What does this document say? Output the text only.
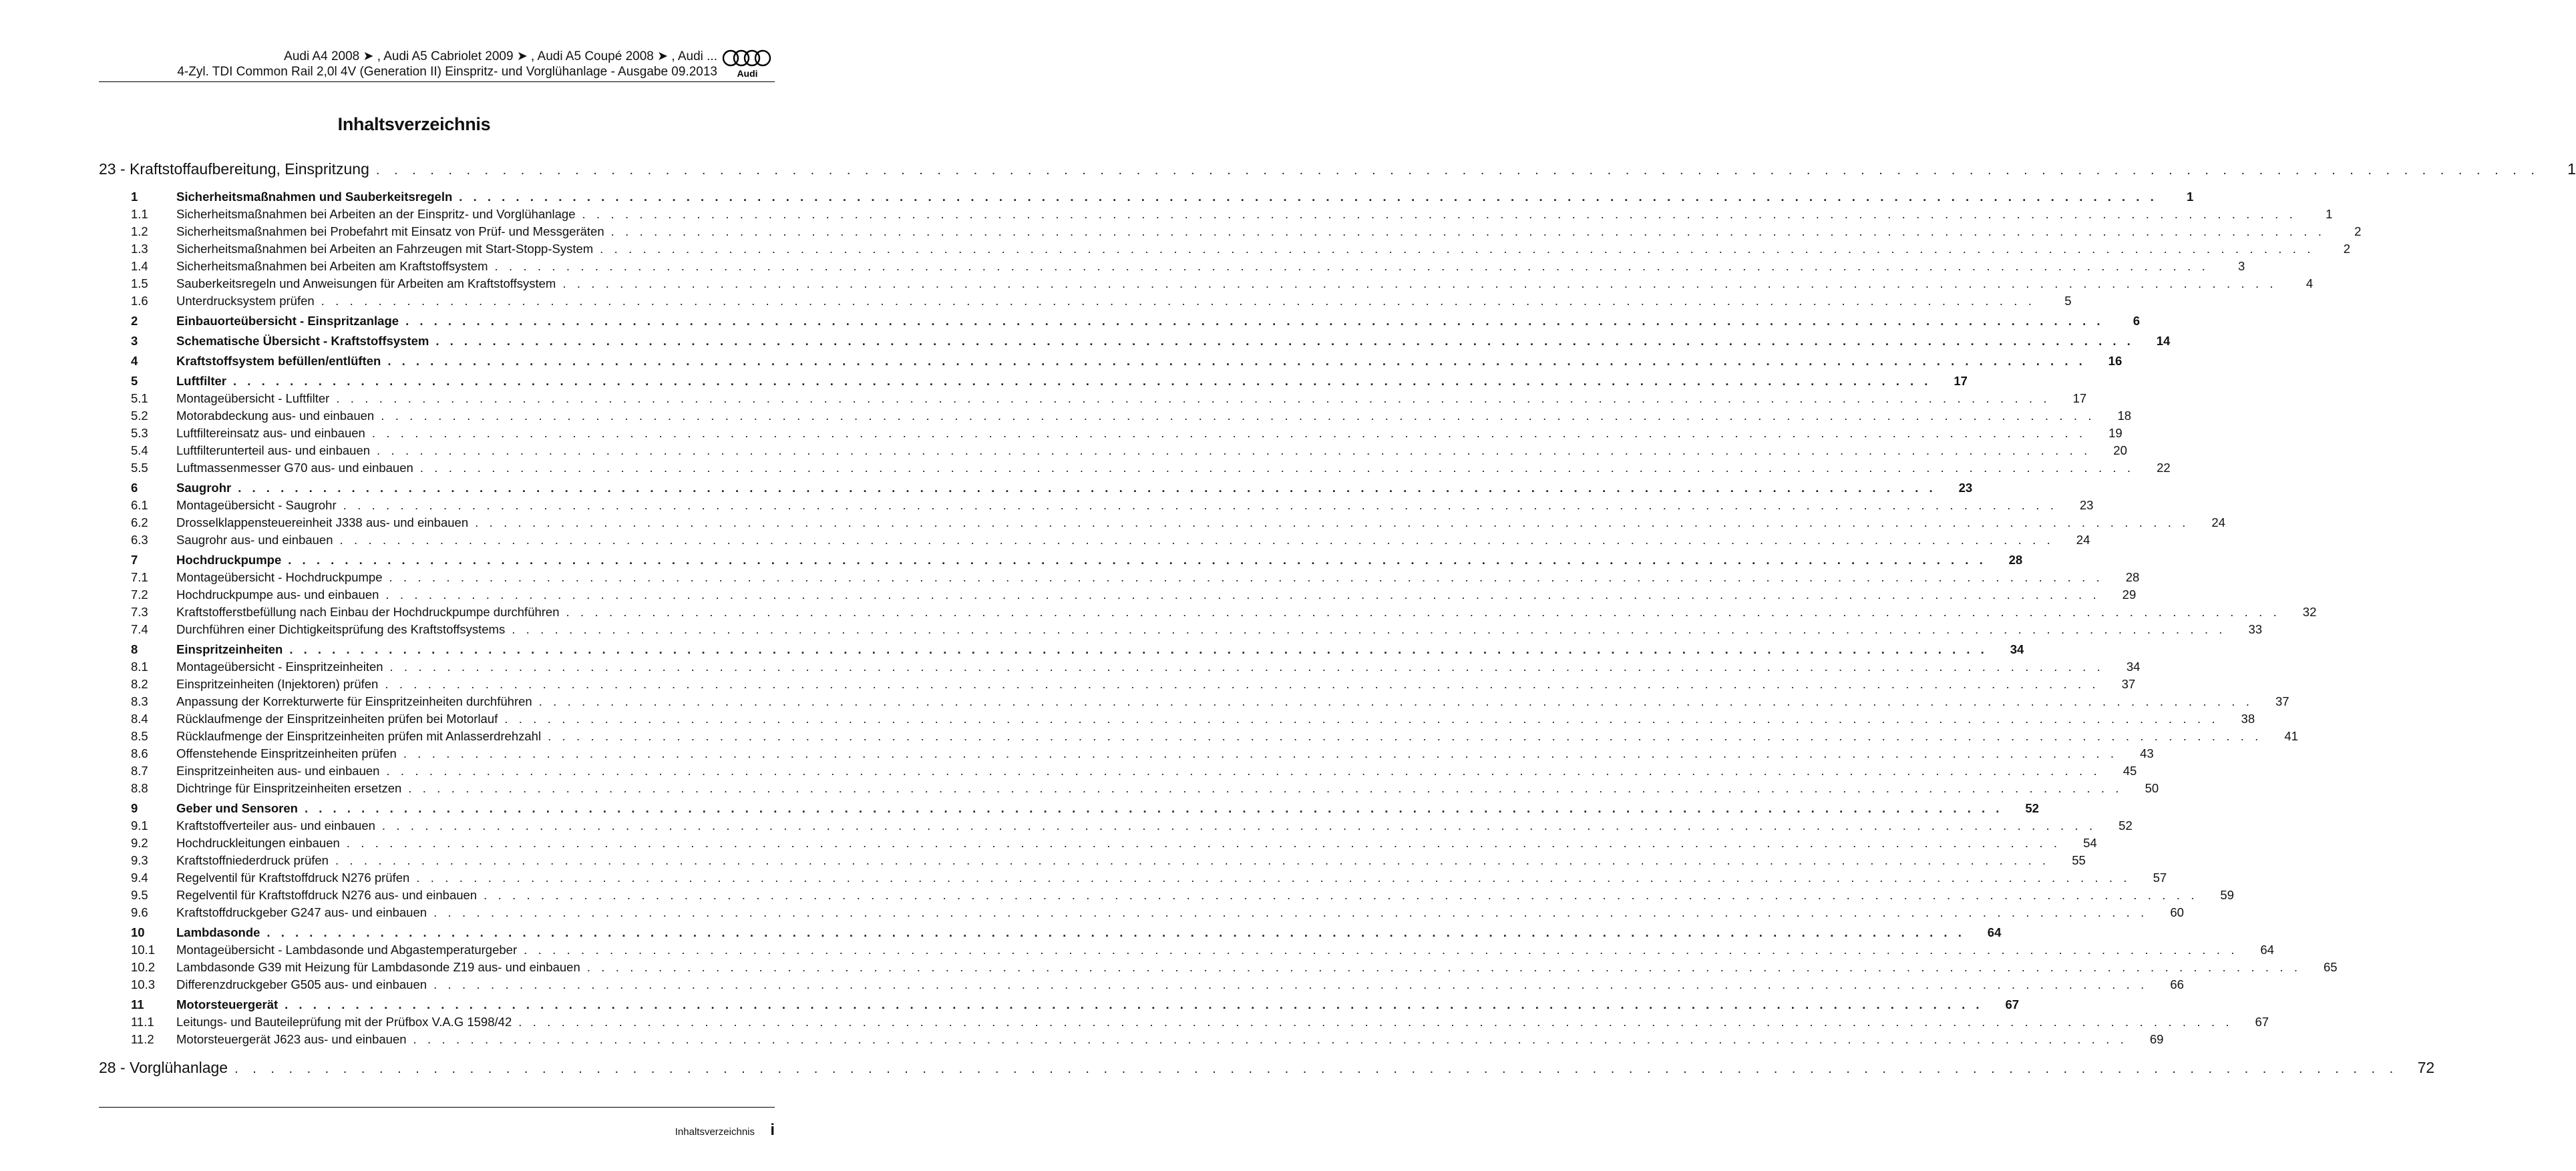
Audi A4 2008 ➤ , Audi A5 Cabriolet 2009 ➤ , Audi A5 Coupé 2008 ➤ , Audi ...
4-Zyl. TDI Common Rail 2,0l 4V (Generation II) Einspritz- und Vorglühanlage - Ausgabe 09.2013 Audi
Inhaltsverzeichnis
23 - Kraftstoffaufbereitung, Einspritzung . . . . . . . . . . . . . . . . . . . . . . . . . . . . . . . . . . . . . . . . . . . . . . . . . . . . . . . . . . . . . . . . . . . . . . . . . . . . . . . . . . . . . . . . . . . . . . . . . . . . . . . . . . . . . . . . . . . . . . . .	1
1	Sicherheitsmaßnahmen und Sauberkeitsregeln . . . . . . . . . . . . . . . . . . . . . . . . . . . . . . . . . . . . . . . . . . . . . . . . . . . . . . . . . . . . . . . . . . . . . . . . . . . . . . . . . . . . . . . . . . . . . . . . . . . . . . . . . . . . . . . . . . . . . . . .	1
1.1	Sicherheitsmaßnahmen bei Arbeiten an der Einspritz- und Vorglühanlage . . . . . . . . . . . . . . . . . . . . . . . . . . . . . . . . . . . . . . . . . . . . . . . . . . . . . . . . . . . . . . . . . . . . . . . . . . . . . . . . . . . . . . . . . . . . . . . . . . . . . . . . . . . . . . . . . . . . . . . .	1
1.2	Sicherheitsmaßnahmen bei Probefahrt mit Einsatz von Prüf- und Messgeräten . . . . . . . . . . . . . . . . . . . . . . . . . . . . . . . . . . . . . . . . . . . . . . . . . . . . . . . . . . . . . . . . . . . . . . . . . . . . . . . . . . . . . . . . . . . . . . . . . . . . . . . . . . . . . . . . . . . . . . . .	2
1.3	Sicherheitsmaßnahmen bei Arbeiten an Fahrzeugen mit Start-Stopp-System . . . . . . . . . . . . . . . . . . . . . . . . . . . . . . . . . . . . . . . . . . . . . . . . . . . . . . . . . . . . . . . . . . . . . . . . . . . . . . . . . . . . . . . . . . . . . . . . . . . . . . . . . . . . . . . . . . . . . . . .	2
1.4	Sicherheitsmaßnahmen bei Arbeiten am Kraftstoffsystem . . . . . . . . . . . . . . . . . . . . . . . . . . . . . . . . . . . . . . . . . . . . . . . . . . . . . . . . . . . . . . . . . . . . . . . . . . . . . . . . . . . . . . . . . . . . . . . . . . . . . . . . . . . . . . . . . . . . . . . .	3
1.5	Sauberkeitsregeln und Anweisungen für Arbeiten am Kraftstoffsystem . . . . . . . . . . . . . . . . . . . . . . . . . . . . . . . . . . . . . . . . . . . . . . . . . . . . . . . . . . . . . . . . . . . . . . . . . . . . . . . . . . . . . . . . . . . . . . . . . . . . . . . . . . . . . . . . . . . . . . . .	4
1.6	Unterdrucksystem prüfen . . . . . . . . . . . . . . . . . . . . . . . . . . . . . . . . . . . . . . . . . . . . . . . . . . . . . . . . . . . . . . . . . . . . . . . . . . . . . . . . . . . . . . . . . . . . . . . . . . . . . . . . . . . . . . . . . . . . . . . .	5
2	Einbauorteübersicht - Einspritzanlage . . . . . . . . . . . . . . . . . . . . . . . . . . . . . . . . . . . . . . . . . . . . . . . . . . . . . . . . . . . . . . . . . . . . . . . . . . . . . . . . . . . . . . . . . . . . . . . . . . . . . . . . . . . . . . . . . . . . . . . .	6
3	Schematische Übersicht - Kraftstoffsystem . . . . . . . . . . . . . . . . . . . . . . . . . . . . . . . . . . . . . . . . . . . . . . . . . . . . . . . . . . . . . . . . . . . . . . . . . . . . . . . . . . . . . . . . . . . . . . . . . . . . . . . . . . . . . . . . . . . . . . . .	14
4	Kraftstoffsystem befüllen/entlüften . . . . . . . . . . . . . . . . . . . . . . . . . . . . . . . . . . . . . . . . . . . . . . . . . . . . . . . . . . . . . . . . . . . . . . . . . . . . . . . . . . . . . . . . . . . . . . . . . . . . . . . . . . . . . . . . . . . . . . . .	16
5	Luftfilter . . . . . . . . . . . . . . . . . . . . . . . . . . . . . . . . . . . . . . . . . . . . . . . . . . . . . . . . . . . . . . . . . . . . . . . . . . . . . . . . . . . . . . . . . . . . . . . . . . . . . . . . . . . . . . . . . . . . . . . .	17
5.1	Montageübersicht - Luftfilter . . . . . . . . . . . . . . . . . . . . . . . . . . . . . . . . . . . . . . . . . . . . . . . . . . . . . . . . . . . . . . . . . . . . . . . . . . . . . . . . . . . . . . . . . . . . . . . . . . . . . . . . . . . . . . . . . . . . . . . .	17
5.2	Motorabdeckung aus- und einbauen . . . . . . . . . . . . . . . . . . . . . . . . . . . . . . . . . . . . . . . . . . . . . . . . . . . . . . . . . . . . . . . . . . . . . . . . . . . . . . . . . . . . . . . . . . . . . . . . . . . . . . . . . . . . . . . . . . . . . . . .	18
5.3	Luftfiltereinsatz aus- und einbauen . . . . . . . . . . . . . . . . . . . . . . . . . . . . . . . . . . . . . . . . . . . . . . . . . . . . . . . . . . . . . . . . . . . . . . . . . . . . . . . . . . . . . . . . . . . . . . . . . . . . . . . . . . . . . . . . . . . . . . . .	19
5.4	Luftfilterunterteil aus- und einbauen . . . . . . . . . . . . . . . . . . . . . . . . . . . . . . . . . . . . . . . . . . . . . . . . . . . . . . . . . . . . . . . . . . . . . . . . . . . . . . . . . . . . . . . . . . . . . . . . . . . . . . . . . . . . . . . . . . . . . . . .	20
5.5	Luftmassenmesser G70 aus- und einbauen . . . . . . . . . . . . . . . . . . . . . . . . . . . . . . . . . . . . . . . . . . . . . . . . . . . . . . . . . . . . . . . . . . . . . . . . . . . . . . . . . . . . . . . . . . . . . . . . . . . . . . . . . . . . . . . . . . . . . . . .	22
6	Saugrohr . . . . . . . . . . . . . . . . . . . . . . . . . . . . . . . . . . . . . . . . . . . . . . . . . . . . . . . . . . . . . . . . . . . . . . . . . . . . . . . . . . . . . . . . . . . . . . . . . . . . . . . . . . . . . . . . . . . . . . . .	23
6.1	Montageübersicht - Saugrohr . . . . . . . . . . . . . . . . . . . . . . . . . . . . . . . . . . . . . . . . . . . . . . . . . . . . . . . . . . . . . . . . . . . . . . . . . . . . . . . . . . . . . . . . . . . . . . . . . . . . . . . . . . . . . . . . . . . . . . . .	23
6.2	Drosselklappensteuereinheit J338 aus- und einbauen . . . . . . . . . . . . . . . . . . . . . . . . . . . . . . . . . . . . . . . . . . . . . . . . . . . . . . . . . . . . . . . . . . . . . . . . . . . . . . . . . . . . . . . . . . . . . . . . . . . . . . . . . . . . . . . . . . . . . . . .	24
6.3	Saugrohr aus- und einbauen . . . . . . . . . . . . . . . . . . . . . . . . . . . . . . . . . . . . . . . . . . . . . . . . . . . . . . . . . . . . . . . . . . . . . . . . . . . . . . . . . . . . . . . . . . . . . . . . . . . . . . . . . . . . . . . . . . . . . . . .	24
7	Hochdruckpumpe . . . . . . . . . . . . . . . . . . . . . . . . . . . . . . . . . . . . . . . . . . . . . . . . . . . . . . . . . . . . . . . . . . . . . . . . . . . . . . . . . . . . . . . . . . . . . . . . . . . . . . . . . . . . . . . . . . . . . . . .	28
7.1	Montageübersicht - Hochdruckpumpe . . . . . . . . . . . . . . . . . . . . . . . . . . . . . . . . . . . . . . . . . . . . . . . . . . . . . . . . . . . . . . . . . . . . . . . . . . . . . . . . . . . . . . . . . . . . . . . . . . . . . . . . . . . . . . . . . . . . . . . .	28
7.2	Hochdruckpumpe aus- und einbauen . . . . . . . . . . . . . . . . . . . . . . . . . . . . . . . . . . . . . . . . . . . . . . . . . . . . . . . . . . . . . . . . . . . . . . . . . . . . . . . . . . . . . . . . . . . . . . . . . . . . . . . . . . . . . . . . . . . . . . . .	29
7.3	Kraftstofferstbefüllung nach Einbau der Hochdruckpumpe durchführen . . . . . . . . . . . . . . . . . . . . . . . . . . . . . . . . . . . . . . . . . . . . . . . . . . . . . . . . . . . . . . . . . . . . . . . . . . . . . . . . . . . . . . . . . . . . . . . . . . . . . . . . . . . . . . . . . . . . . . . .	32
7.4	Durchführen einer Dichtigkeitsprüfung des Kraftstoffsystems . . . . . . . . . . . . . . . . . . . . . . . . . . . . . . . . . . . . . . . . . . . . . . . . . . . . . . . . . . . . . . . . . . . . . . . . . . . . . . . . . . . . . . . . . . . . . . . . . . . . . . . . . . . . . . . . . . . . . . . .	33
8	Einspritzeinheiten . . . . . . . . . . . . . . . . . . . . . . . . . . . . . . . . . . . . . . . . . . . . . . . . . . . . . . . . . . . . . . . . . . . . . . . . . . . . . . . . . . . . . . . . . . . . . . . . . . . . . . . . . . . . . . . . . . . . . . . .	34
8.1	Montageübersicht - Einspritzeinheiten . . . . . . . . . . . . . . . . . . . . . . . . . . . . . . . . . . . . . . . . . . . . . . . . . . . . . . . . . . . . . . . . . . . . . . . . . . . . . . . . . . . . . . . . . . . . . . . . . . . . . . . . . . . . . . . . . . . . . . . .	34
8.2	Einspritzeinheiten (Injektoren) prüfen . . . . . . . . . . . . . . . . . . . . . . . . . . . . . . . . . . . . . . . . . . . . . . . . . . . . . . . . . . . . . . . . . . . . . . . . . . . . . . . . . . . . . . . . . . . . . . . . . . . . . . . . . . . . . . . . . . . . . . . .	37
8.3	Anpassung der Korrekturwerte für Einspritzeinheiten durchführen . . . . . . . . . . . . . . . . . . . . . . . . . . . . . . . . . . . . . . . . . . . . . . . . . . . . . . . . . . . . . . . . . . . . . . . . . . . . . . . . . . . . . . . . . . . . . . . . . . . . . . . . . . . . . . . . . . . . . . . .	37
8.4	Rücklaufmenge der Einspritzeinheiten prüfen bei Motorlauf . . . . . . . . . . . . . . . . . . . . . . . . . . . . . . . . . . . . . . . . . . . . . . . . . . . . . . . . . . . . . . . . . . . . . . . . . . . . . . . . . . . . . . . . . . . . . . . . . . . . . . . . . . . . . . . . . . . . . . . .	38
8.5	Rücklaufmenge der Einspritzeinheiten prüfen mit Anlasserdrehzahl . . . . . . . . . . . . . . . . . . . . . . . . . . . . . . . . . . . . . . . . . . . . . . . . . . . . . . . . . . . . . . . . . . . . . . . . . . . . . . . . . . . . . . . . . . . . . . . . . . . . . . . . . . . . . . . . . . . . . . . .	41
8.6	Offenstehende Einspritzeinheiten prüfen . . . . . . . . . . . . . . . . . . . . . . . . . . . . . . . . . . . . . . . . . . . . . . . . . . . . . . . . . . . . . . . . . . . . . . . . . . . . . . . . . . . . . . . . . . . . . . . . . . . . . . . . . . . . . . . . . . . . . . . .	43
8.7	Einspritzeinheiten aus- und einbauen . . . . . . . . . . . . . . . . . . . . . . . . . . . . . . . . . . . . . . . . . . . . . . . . . . . . . . . . . . . . . . . . . . . . . . . . . . . . . . . . . . . . . . . . . . . . . . . . . . . . . . . . . . . . . . . . . . . . . . . .	45
8.8	Dichtringe für Einspritzeinheiten ersetzen . . . . . . . . . . . . . . . . . . . . . . . . . . . . . . . . . . . . . . . . . . . . . . . . . . . . . . . . . . . . . . . . . . . . . . . . . . . . . . . . . . . . . . . . . . . . . . . . . . . . . . . . . . . . . . . . . . . . . . . .	50
9	Geber und Sensoren . . . . . . . . . . . . . . . . . . . . . . . . . . . . . . . . . . . . . . . . . . . . . . . . . . . . . . . . . . . . . . . . . . . . . . . . . . . . . . . . . . . . . . . . . . . . . . . . . . . . . . . . . . . . . . . . . . . . . . . .	52
9.1	Kraftstoffverteiler aus- und einbauen . . . . . . . . . . . . . . . . . . . . . . . . . . . . . . . . . . . . . . . . . . . . . . . . . . . . . . . . . . . . . . . . . . . . . . . . . . . . . . . . . . . . . . . . . . . . . . . . . . . . . . . . . . . . . . . . . . . . . . . .	52
9.2	Hochdruckleitungen einbauen . . . . . . . . . . . . . . . . . . . . . . . . . . . . . . . . . . . . . . . . . . . . . . . . . . . . . . . . . . . . . . . . . . . . . . . . . . . . . . . . . . . . . . . . . . . . . . . . . . . . . . . . . . . . . . . . . . . . . . . .	54
9.3	Kraftstoffniederdruck prüfen . . . . . . . . . . . . . . . . . . . . . . . . . . . . . . . . . . . . . . . . . . . . . . . . . . . . . . . . . . . . . . . . . . . . . . . . . . . . . . . . . . . . . . . . . . . . . . . . . . . . . . . . . . . . . . . . . . . . . . . .	55
9.4	Regelventil für Kraftstoffdruck N276 prüfen . . . . . . . . . . . . . . . . . . . . . . . . . . . . . . . . . . . . . . . . . . . . . . . . . . . . . . . . . . . . . . . . . . . . . . . . . . . . . . . . . . . . . . . . . . . . . . . . . . . . . . . . . . . . . . . . . . . . . . . .	57
9.5	Regelventil für Kraftstoffdruck N276 aus- und einbauen . . . . . . . . . . . . . . . . . . . . . . . . . . . . . . . . . . . . . . . . . . . . . . . . . . . . . . . . . . . . . . . . . . . . . . . . . . . . . . . . . . . . . . . . . . . . . . . . . . . . . . . . . . . . . . . . . . . . . . . .	59
9.6	Kraftstoffdruckgeber G247 aus- und einbauen . . . . . . . . . . . . . . . . . . . . . . . . . . . . . . . . . . . . . . . . . . . . . . . . . . . . . . . . . . . . . . . . . . . . . . . . . . . . . . . . . . . . . . . . . . . . . . . . . . . . . . . . . . . . . . . . . . . . . . . .	60
10	Lambdasonde . . . . . . . . . . . . . . . . . . . . . . . . . . . . . . . . . . . . . . . . . . . . . . . . . . . . . . . . . . . . . . . . . . . . . . . . . . . . . . . . . . . . . . . . . . . . . . . . . . . . . . . . . . . . . . . . . . . . . . . .	64
10.1	Montageübersicht - Lambdasonde und Abgastemperaturgeber . . . . . . . . . . . . . . . . . . . . . . . . . . . . . . . . . . . . . . . . . . . . . . . . . . . . . . . . . . . . . . . . . . . . . . . . . . . . . . . . . . . . . . . . . . . . . . . . . . . . . . . . . . . . . . . . . . . . . . . .	64
10.2	Lambdasonde G39 mit Heizung für Lambdasonde Z19 aus- und einbauen . . . . . . . . . . . . . . . . . . . . . . . . . . . . . . . . . . . . . . . . . . . . . . . . . . . . . . . . . . . . . . . . . . . . . . . . . . . . . . . . . . . . . . . . . . . . . . . . . . . . . . . . . . . . . . . . . . . . . . . .	65
10.3	Differenzdruckgeber G505 aus- und einbauen . . . . . . . . . . . . . . . . . . . . . . . . . . . . . . . . . . . . . . . . . . . . . . . . . . . . . . . . . . . . . . . . . . . . . . . . . . . . . . . . . . . . . . . . . . . . . . . . . . . . . . . . . . . . . . . . . . . . . . . .	66
11	Motorsteuergerät . . . . . . . . . . . . . . . . . . . . . . . . . . . . . . . . . . . . . . . . . . . . . . . . . . . . . . . . . . . . . . . . . . . . . . . . . . . . . . . . . . . . . . . . . . . . . . . . . . . . . . . . . . . . . . . . . . . . . . . .	67
11.1	Leitungs- und Bauteileprüfung mit der Prüfbox V.A.G 1598/42 . . . . . . . . . . . . . . . . . . . . . . . . . . . . . . . . . . . . . . . . . . . . . . . . . . . . . . . . . . . . . . . . . . . . . . . . . . . . . . . . . . . . . . . . . . . . . . . . . . . . . . . . . . . . . . . . . . . . . . . .	67
11.2	Motorsteuergerät J623 aus- und einbauen . . . . . . . . . . . . . . . . . . . . . . . . . . . . . . . . . . . . . . . . . . . . . . . . . . . . . . . . . . . . . . . . . . . . . . . . . . . . . . . . . . . . . . . . . . . . . . . . . . . . . . . . . . . . . . . . . . . . . . . .	69
28 - Vorglühanlage . . . . . . . . . . . . . . . . . . . . . . . . . . . . . . . . . . . . . . . . . . . . . . . . . . . . . . . . . . . . . . . . . . . . . . . . . . . . . . . . . . . . . . . . . . . . . . . . . . . . . . . . . . . . . . . . . . . . . . . .	72
Inhaltsverzeichnis i
